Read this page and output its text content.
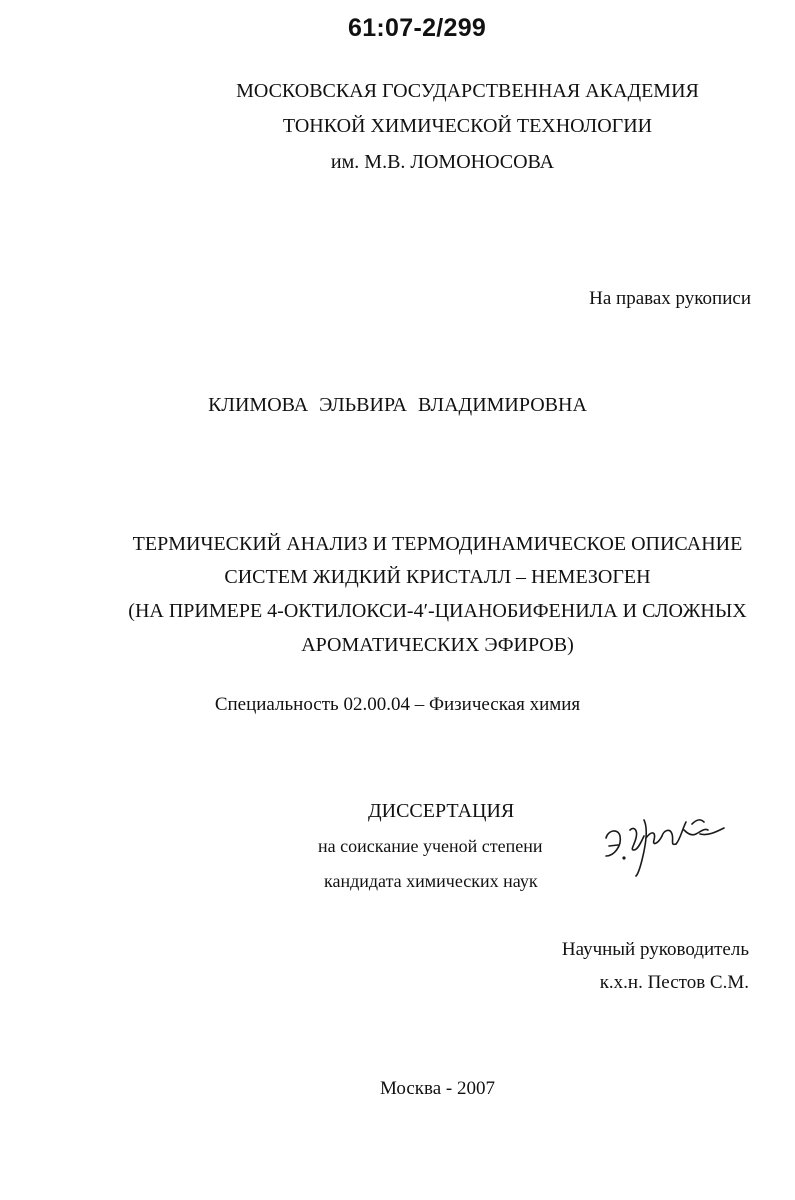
61:07-2/299
МОСКОВСКАЯ ГОСУДАРСТВЕННАЯ АКАДЕМИЯ
ТОНКОЙ ХИМИЧЕСКОЙ ТЕХНОЛОГИИ
им. М.В. ЛОМОНОСОВА
На правах рукописи
КЛИМОВА ЭЛЬВИРА ВЛАДИМИРОВНА
ТЕРМИЧЕСКИЙ АНАЛИЗ И ТЕРМОДИНАМИЧЕСКОЕ ОПИСАНИЕ
СИСТЕМ ЖИДКИЙ КРИСТАЛЛ – НЕМЕЗОГЕН
(НА ПРИМЕРЕ 4-ОКТИЛОКСИ-4′-ЦИАНОБИФЕНИЛА И СЛОЖНЫХ
АРОМАТИЧЕСКИХ ЭФИРОВ)
Специальность 02.00.04 – Физическая химия
ДИССЕРТАЦИЯ
на соискание ученой степени
кандидата химических наук
Научный руководитель
к.х.н. Пестов С.М.
Москва - 2007
